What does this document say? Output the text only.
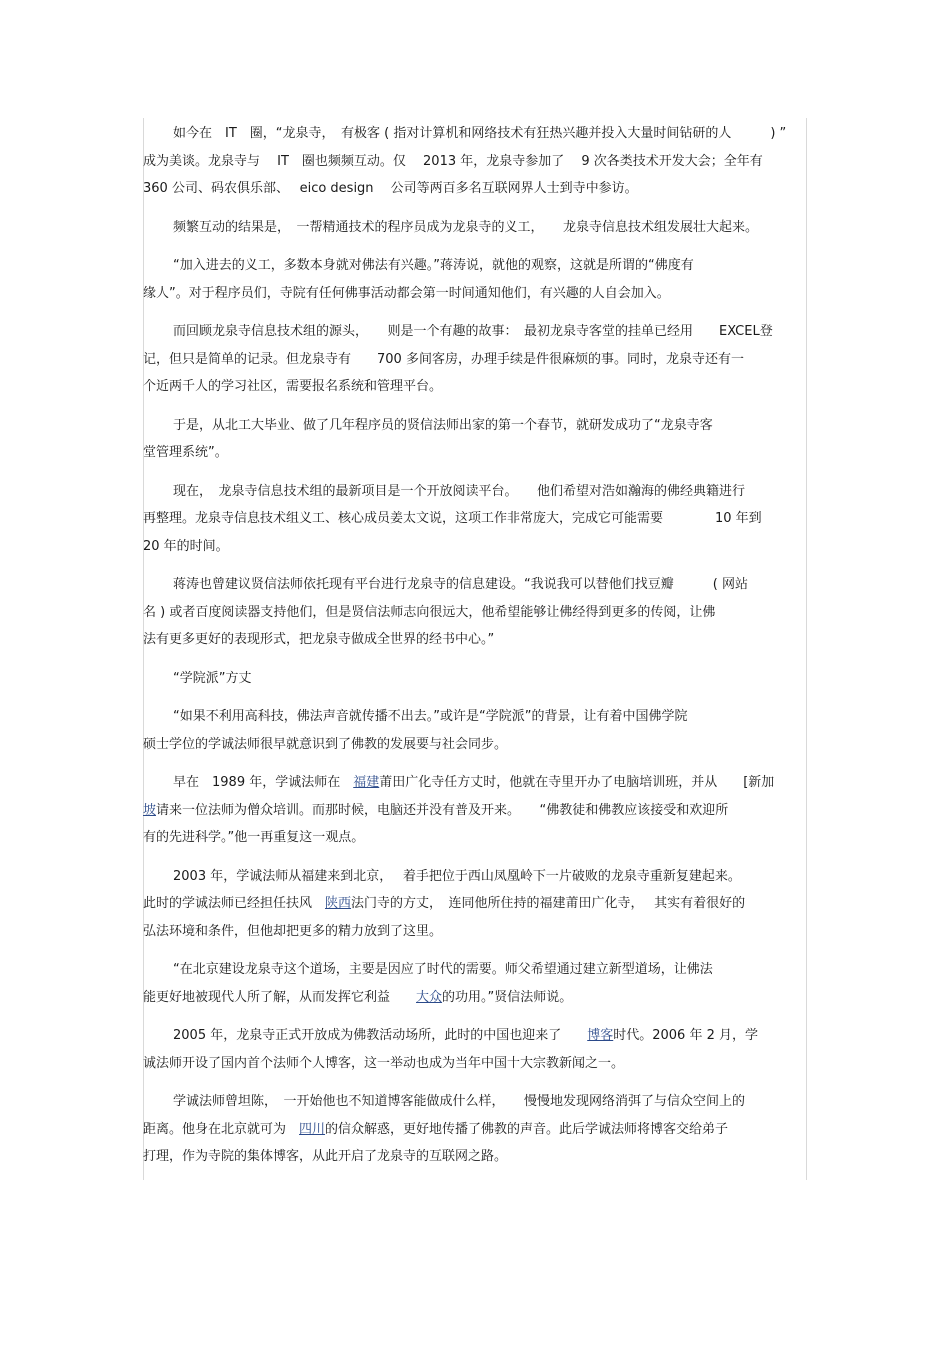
如今在　IT　圈，“龙泉寺，　有极客 ( 指对计算机和网络技术有狂热兴趣并投入大量时间钻研的人　　　) ”
成为美谈。龙泉寺与　 IT　圈也频频互动。仅　 2013 年，龙泉寺参加了　 9 次各类技术开发大会；全年有
360 公司、码农俱乐部、　 eico design　 公司等两百多名互联网界人士到寺中参访。
频繁互动的结果是，　一帮精通技术的程序员成为龙泉寺的义工，　　龙泉寺信息技术组发展壮大起来。
“加入进去的义工，多数本身就对佛法有兴趣。”蒋涛说，就他的观察，这就是所谓的“佛度有
缘人”。对于程序员们，寺院有任何佛事活动都会第一时间通知他们，有兴趣的人自会加入。
而回顾龙泉寺信息技术组的源头，　　则是一个有趣的故事：　最初龙泉寺客堂的挂单已经用　　EXCEL登
记，但只是简单的记录。但龙泉寺有　　700 多间客房，办理手续是件很麻烦的事。同时，龙泉寺还有一
个近两千人的学习社区，需要报名系统和管理平台。
于是，从北工大毕业、做了几年程序员的贤信法师出家的第一个春节，就研发成功了“龙泉寺客
堂管理系统”。
现在，　龙泉寺信息技术组的最新项目是一个开放阅读平台。　　他们希望对浩如瀚海的佛经典籍进行
再整理。龙泉寺信息技术组义工、核心成员姜太文说，这项工作非常庞大，完成它可能需要　　　　10 年到
20 年的时间。
蒋涛也曾建议贤信法师依托现有平台进行龙泉寺的信息建设。“我说我可以替他们找豆瓣　　　( 网站
名 ) 或者百度阅读器支持他们，但是贤信法师志向很远大，他希望能够让佛经得到更多的传阅，让佛
法有更多更好的表现形式，把龙泉寺做成全世界的经书中心。”
“学院派”方丈
“如果不利用高科技，佛法声音就传播不出去。”或许是“学院派”的背景，让有着中国佛学院
硕士学位的学诚法师很早就意识到了佛教的发展要与社会同步。
早在　1989 年，学诚法师在　福建莆田广化寺任方丈时，他就在寺里开办了电脑培训班，并从　　[新加
坡请来一位法师为僧众培训。而那时候，电脑还并没有普及开来。　　“佛教徒和佛教应该接受和欢迎所
有的先进科学。”他一再重复这一观点。
2003 年，学诚法师从福建来到北京，　 着手把位于西山凤凰岭下一片破败的龙泉寺重新复建起来。
此时的学诚法师已经担任扶风　陕西法门寺的方丈，　连同他所住持的福建莆田广化寺，　 其实有着很好的
弘法环境和条件，但他却把更多的精力放到了这里。
“在北京建设龙泉寺这个道场，主要是因应了时代的需要。师父希望通过建立新型道场，让佛法
能更好地被现代人所了解，从而发挥它利益　　大众的功用。”贤信法师说。
2005 年，龙泉寺正式开放成为佛教活动场所，此时的中国也迎来了　　博客时代。2006 年 2 月，学
诚法师开设了国内首个法师个人博客，这一举动也成为当年中国十大宗教新闻之一。
学诚法师曾坦陈，　一开始他也不知道博客能做成什么样，　　慢慢地发现网络消弭了与信众空间上的
距离。他身在北京就可为　四川的信众解惑，更好地传播了佛教的声音。此后学诚法师将博客交给弟子
打理，作为寺院的集体博客，从此开启了龙泉寺的互联网之路。
